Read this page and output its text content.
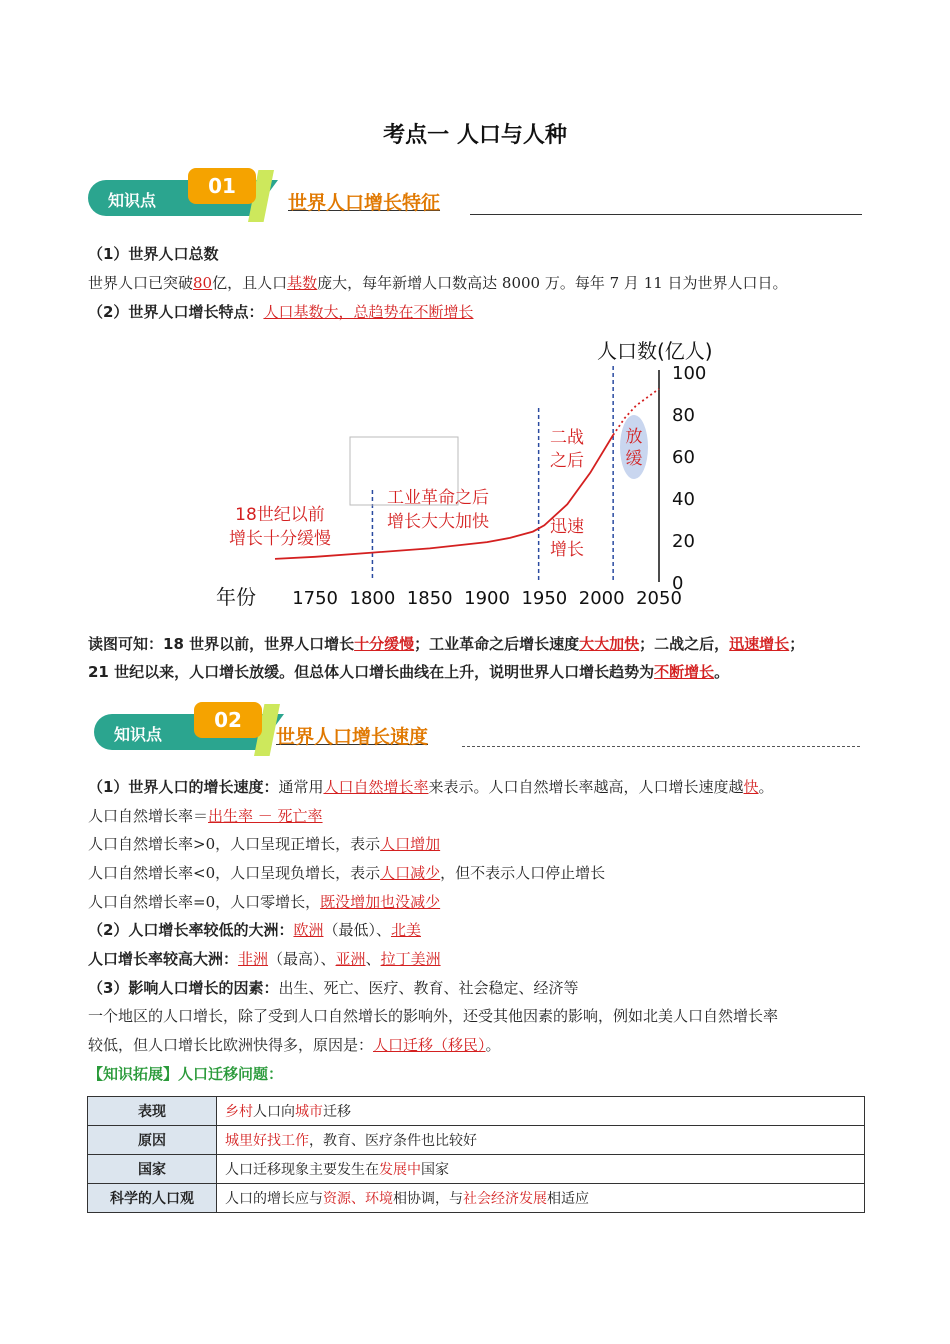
考点一 人口与人种
知识点
01
世界人口增长特征
（1）世界人口总数
世界人口已突破80亿，且人口基数庞大，每年新增人口数高达 8000 万。每年 7 月 11 日为世界人口日。
（2）世界人口增长特点：人口基数大，总趋势在不断增长
人口数(亿人)
年份
0
20
40
60
80
100
1750 1800 1850 1900 1950 2000 2050
18世纪以前
增长十分缓慢
工业革命之后
增长大大加快
二战
之后
迅速
增长
放
缓
读图可知：18 世界以前，世界人口增长十分缓慢；工业革命之后增长速度大大加快；二战之后，迅速增长；
21 世纪以来，人口增长放缓。但总体人口增长曲线在上升，说明世界人口增长趋势为不断增长。
知识点
02
世界人口增长速度
（1）世界人口的增长速度：通常用人口自然增长率来表示。人口自然增长率越高，人口增长速度越快。
人口自然增长率＝出生率 － 死亡率
人口自然增长率>0，人口呈现正增长，表示人口增加
人口自然增长率<0，人口呈现负增长，表示人口减少，但不表示人口停止增长
人口自然增长率=0，人口零增长，既没增加也没减少
（2）人口增长率较低的大洲：欧洲（最低）、北美
人口增长率较高大洲：非洲（最高）、亚洲、拉丁美洲
（3）影响人口增长的因素：出生、死亡、医疗、教育、社会稳定、经济等
一个地区的人口增长，除了受到人口自然增长的影响外，还受其他因素的影响，例如北美人口自然增长率
较低，但人口增长比欧洲快得多，原因是：人口迁移（移民）。
【知识拓展】人口迁移问题：
表现	乡村人口向城市迁移
原因	城里好找工作，教育、医疗条件也比较好
国家	人口迁移现象主要发生在发展中国家
科学的人口观	人口的增长应与资源、环境相协调，与社会经济发展相适应
